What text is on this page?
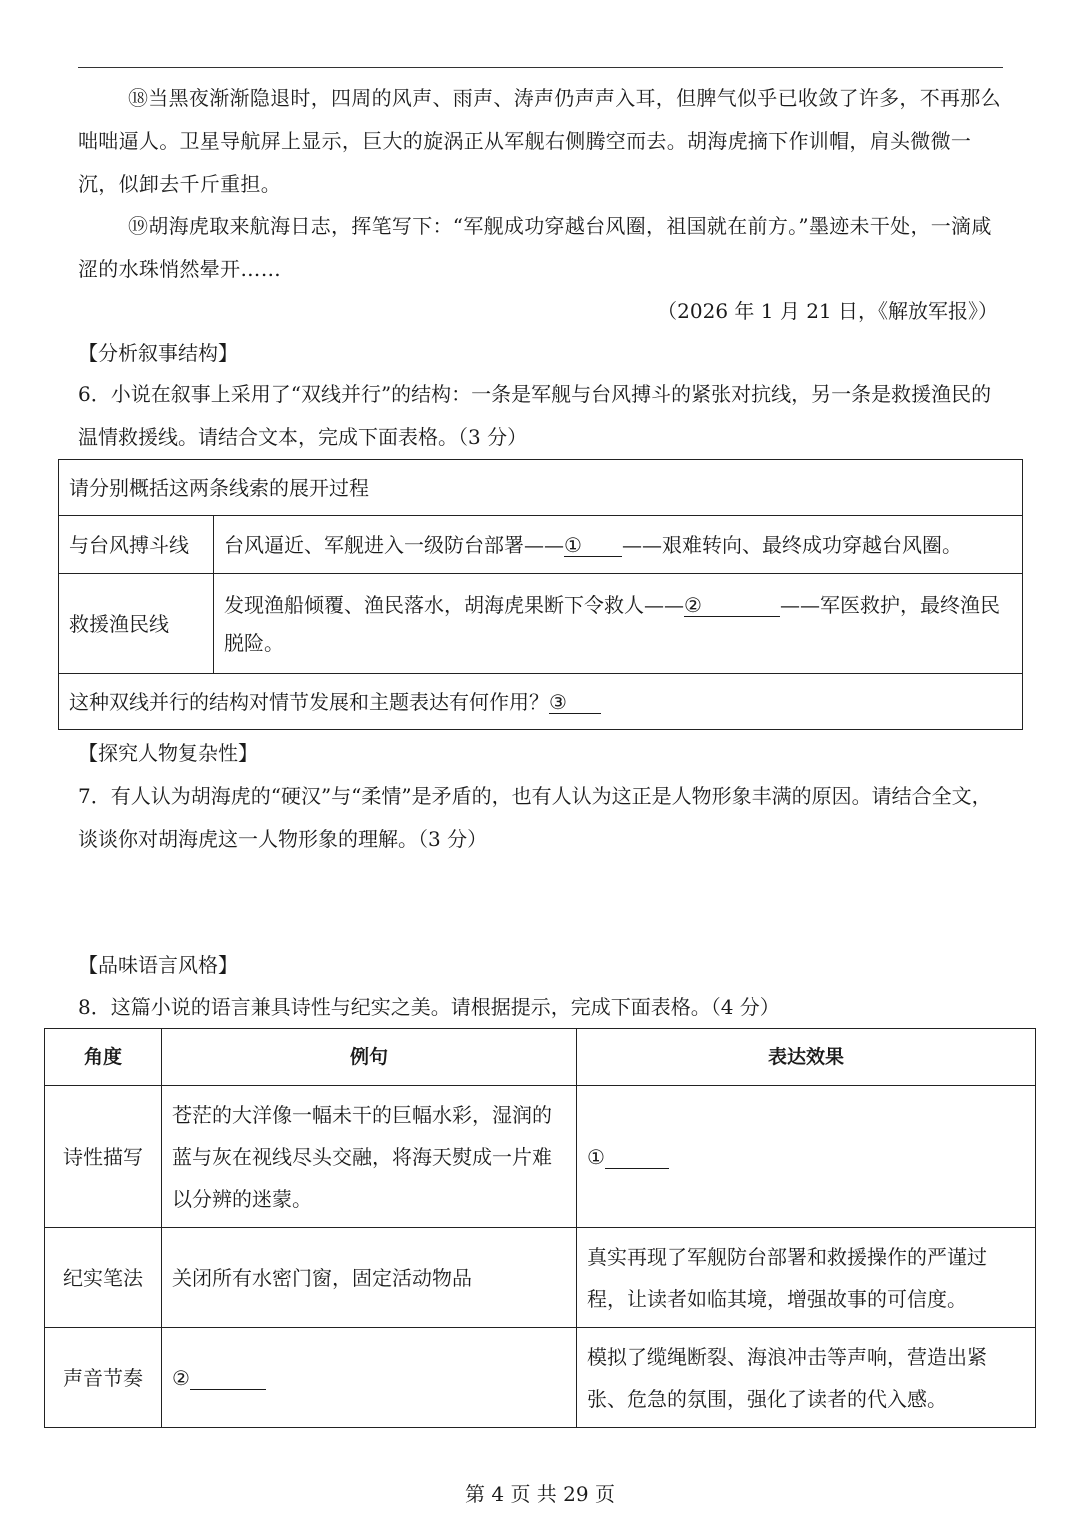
⑱当黑夜渐渐隐退时，四周的风声、雨声、涛声仍声声入耳，但脾气似乎已收敛了许多，不再那么咄咄逼人。卫星导航屏上显示，巨大的旋涡正从军舰右侧腾空而去。胡海虎摘下作训帽，肩头微微一沉，似卸去千斤重担。

⑲胡海虎取来航海日志，挥笔写下：“军舰成功穿越台风圈，祖国就在前方。”墨迹未干处，一滴咸涩的水珠悄然晕开……

（2026 年 1 月 21 日，《解放军报》）
【分析叙事结构】

6．小说在叙事上采用了“双线并行”的结构：一条是军舰与台风搏斗的紧张对抗线，另一条是救援渔民的温情救援线。请结合文本，完成下面表格。（3 分）

请分别概括这两条线索的展开过程	
与台风搏斗线	台风逼近、军舰进入一级防台部署——① ——艰难转向、最终成功穿越台风圈。
救援渔民线	发现渔船倾覆、渔民落水，胡海虎果断下令救人——② ——军医救护，最终渔民脱险。
这种双线并行的结构对情节发展和主题表达有何作用？③	
【探究人物复杂性】

7．有人认为胡海虎的“硬汉”与“柔情”是矛盾的，也有人认为这正是人物形象丰满的原因。请结合全文，谈谈你对胡海虎这一人物形象的理解。（3 分）

【品味语言风格】

8．这篇小说的语言兼具诗性与纪实之美。请根据提示，完成下面表格。（4 分）

角度	例句	表达效果
诗性描写	苍茫的大洋像一幅未干的巨幅水彩，湿润的蓝与灰在视线尽头交融，将海天熨成一片难以分辨的迷蒙。	①
纪实笔法	关闭所有水密门窗，固定活动物品	真实再现了军舰防台部署和救援操作的严谨过程，让读者如临其境，增强故事的可信度。
声音节奏	②	模拟了缆绳断裂、海浪冲击等声响，营造出紧张、危急的氛围，强化了读者的代入感。
第 4 页 共 29 页
